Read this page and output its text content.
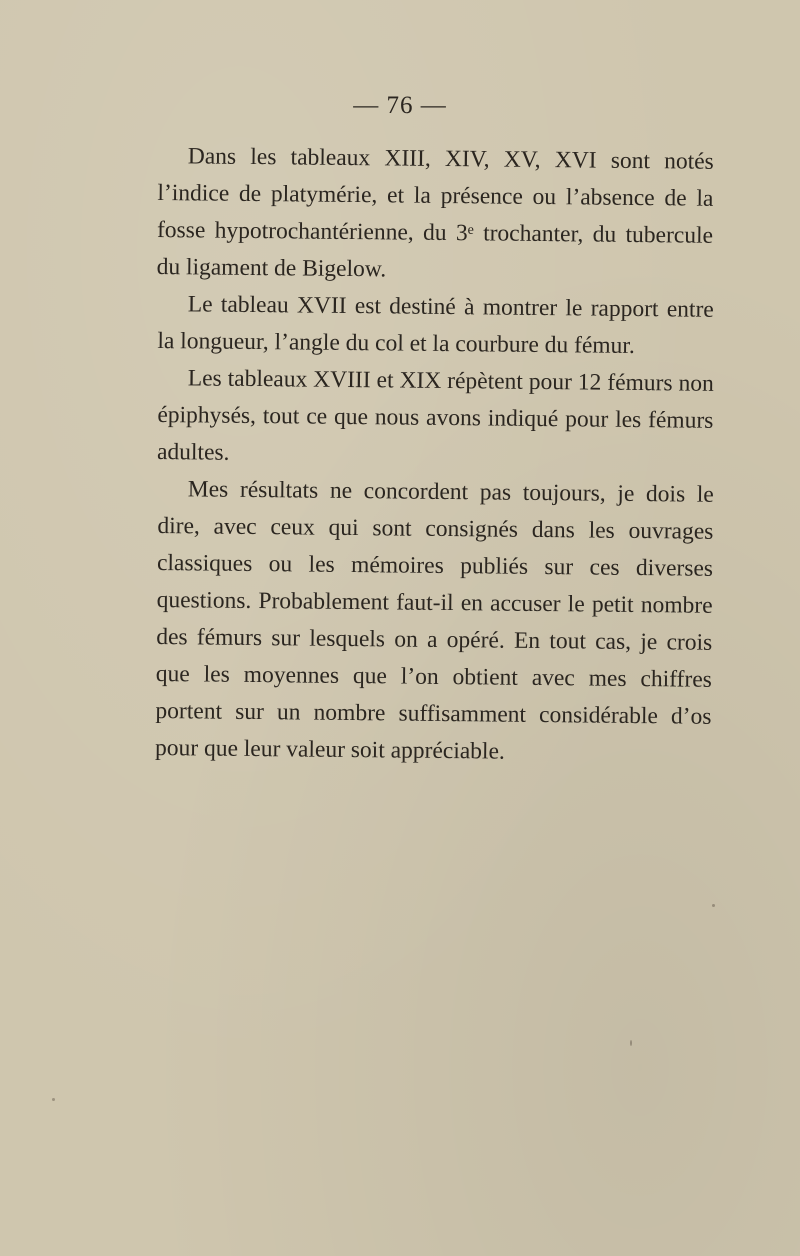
— 76 —

Dans les tableaux XIII, XIV, XV, XVI sont notés l’indice de platymérie, et la présence ou l’absence de la fosse hypotrochantérienne, du 3ᵉ trochanter, du tubercule du ligament de Bigelow.

Le tableau XVII est destiné à montrer le rapport entre la longueur, l’angle du col et la courbure du fémur.

Les tableaux XVIII et XIX répètent pour 12 fémurs non épiphysés, tout ce que nous avons indiqué pour les fémurs adultes.

Mes résultats ne concordent pas toujours, je dois le dire, avec ceux qui sont consignés dans les ouvrages classiques ou les mémoires publiés sur ces diverses questions. Probablement faut-il en accuser le petit nombre des fémurs sur lesquels on a opéré. En tout cas, je crois que les moyennes que l’on obtient avec mes chiffres portent sur un nombre suffisamment considérable d’os pour que leur valeur soit appréciable.
